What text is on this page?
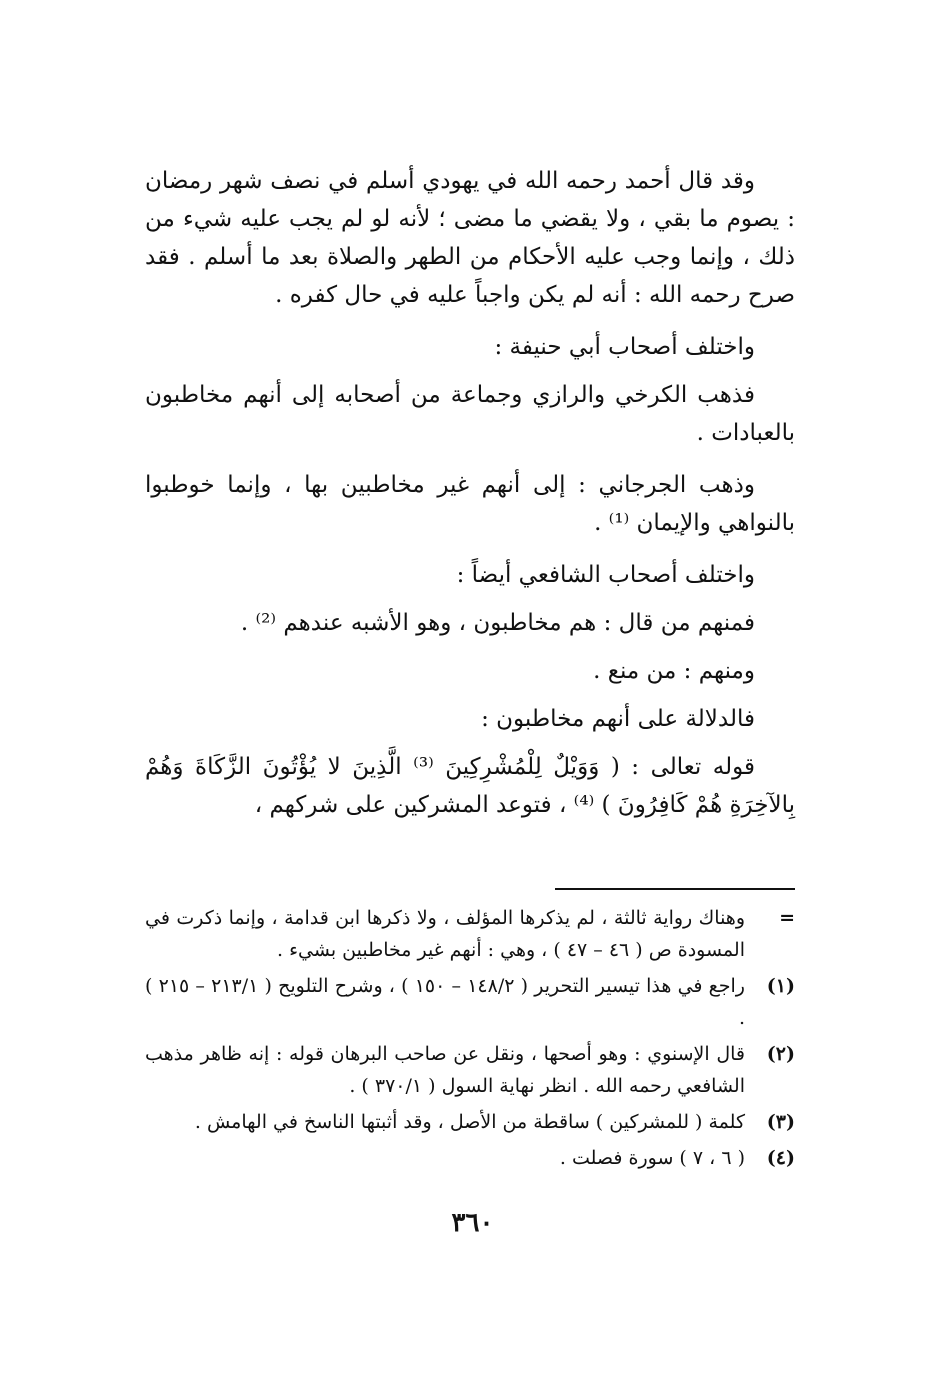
وقد قال أحمد رحمه الله في يهودي أسلم في نصف شهر رمضان : يصوم ما بقي ، ولا يقضي ما مضى ؛ لأنه لو لم يجب عليه شيء من ذلك ، وإنما وجب عليه الأحكام من الطهر والصلاة بعد ما أسلم . فقد صرح رحمه الله : أنه لم يكن واجباً عليه في حال كفره .

واختلف أصحاب أبي حنيفة :

فذهب الكرخي والرازي وجماعة من أصحابه إلى أنهم مخاطبون بالعبادات .

وذهب الجرجاني : إلى أنهم غير مخاطبين بها ، وإنما خوطبوا بالنواهي والإيمان ⁽¹⁾ .

واختلف أصحاب الشافعي أيضاً :

فمنهم من قال : هم مخاطبون ، وهو الأشبه عندهم ⁽²⁾ .

ومنهم : من منع .

فالدلالة على أنهم مخاطبون :

قوله تعالى : ( وَوَيْلٌ لِلْمُشْرِكِينَ ⁽³⁾ الَّذِينَ لا يُؤْتُونَ الزَّكَاةَ وَهُمْ بِالآخِرَةِ هُمْ كَافِرُونَ ) ⁽⁴⁾ ، فتوعد المشركين على شركهم ،

=
وهناك رواية ثالثة ، لم يذكرها المؤلف ، ولا ذكرها ابن قدامة ، وإنما ذكرت في المسودة ص ( ٤٦ – ٤٧ ) ، وهي : أنهم غير مخاطبين بشيء .
(١)
راجع في هذا تيسير التحرير ( ١٤٨/٢ – ١٥٠ ) ، وشرح التلويح ( ٢١٣/١ – ٢١٥ ) .
(٢)
قال الإسنوي : وهو أصحها ، ونقل عن صاحب البرهان قوله : إنه ظاهر مذهب الشافعي رحمه الله . انظر نهاية السول ( ٣٧٠/١ ) .
(٣)
كلمة ( للمشركين ) ساقطة من الأصل ، وقد أثبتها الناسخ في الهامش .
(٤)
( ٦ ، ٧ ) سورة فصلت .
٣٦٠
